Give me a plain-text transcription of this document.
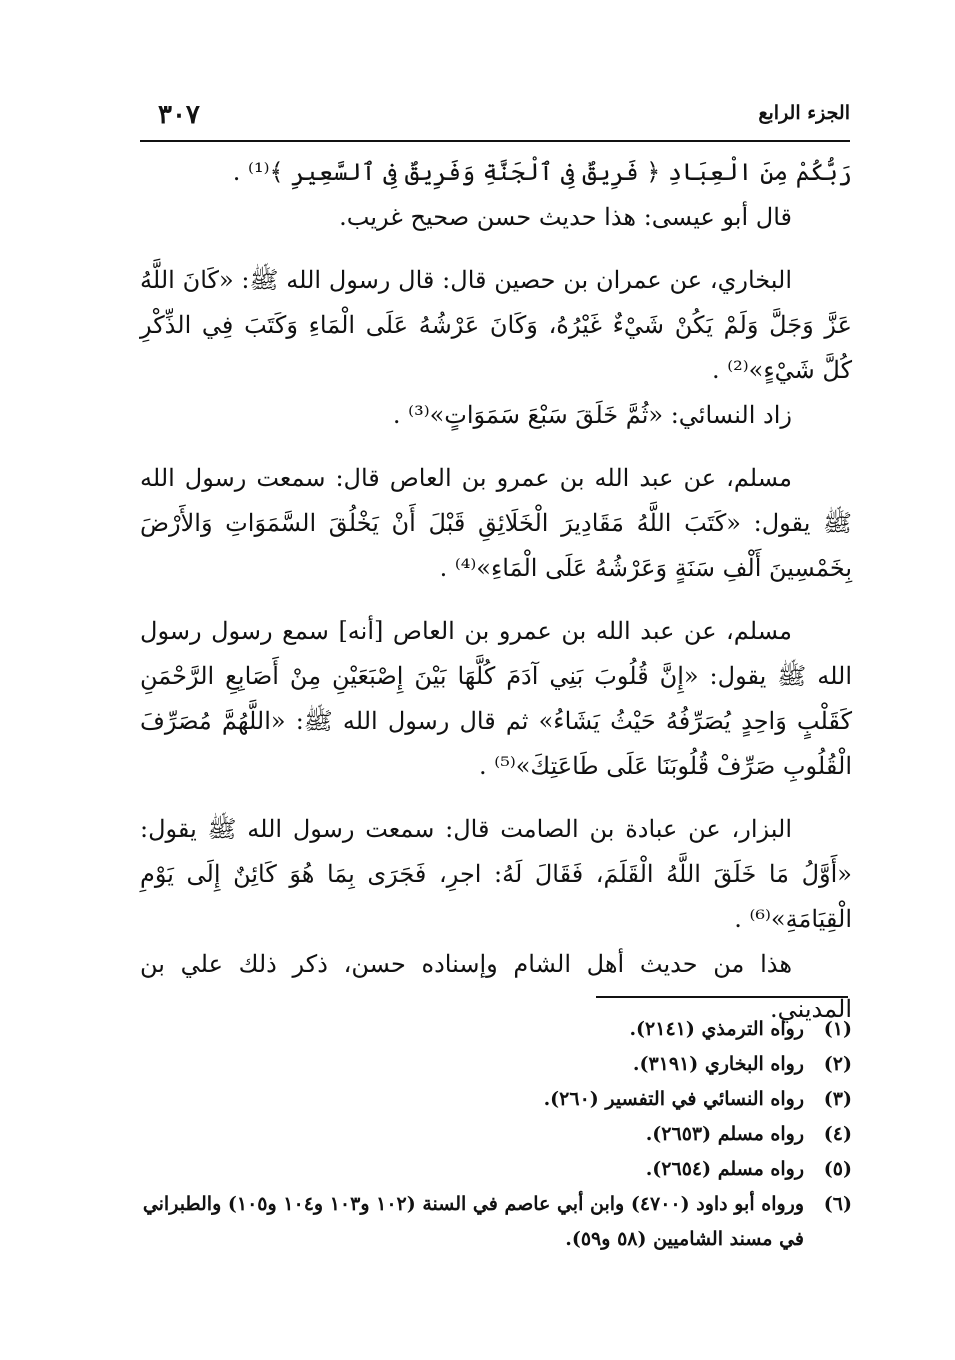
الجزء الرابع
٣٠٧

رَبُّكُمْ مِنَ الْعِبَادِ ﴿ فَرِيقٌ فِى ٱلْجَنَّةِ وَفَرِيقٌ فِى ٱلسَّعِيرِ ﴾⁽¹⁾ .

قال أبو عيسى: هذا حديث حسن صحيح غريب.

البخاري، عن عمران بن حصين قال: قال رسول الله ﷺ: «كَانَ اللَّهُ عَزَّ وَجَلَّ وَلَمْ يَكُنْ شَيْءٌ غَيْرُهُ، وَكَانَ عَرْشُهُ عَلَى الْمَاءِ وَكَتَبَ فِي الذِّكْرِ كُلَّ شَيْءٍ»⁽²⁾ .

زاد النسائي: «ثُمَّ خَلَقَ سَبْعَ سَمَوَاتٍ»⁽³⁾ .

مسلم، عن عبد الله بن عمرو بن العاص قال: سمعت رسول الله ﷺ يقول: «كَتَبَ اللَّهُ مَقَادِيرَ الْخَلَائِقِ قَبْلَ أَنْ يَخْلُقَ السَّمَوَاتِ وَالأَرْضَ بِخَمْسِينَ أَلْفِ سَنَةٍ وَعَرْشُهُ عَلَى الْمَاءِ»⁽⁴⁾ .

مسلم، عن عبد الله بن عمرو بن العاص [أنه] سمع رسول رسول الله ﷺ يقول: «إِنَّ قُلُوبَ بَنِي آدَمَ كُلَّهَا بَيْنَ إِصْبَعَيْنِ مِنْ أَصَابِعِ الرَّحْمَنِ كَقَلْبٍ وَاحِدٍ يُصَرِّفُهُ حَيْثُ يَشَاءُ» ثم قال رسول الله ﷺ: «اللَّهُمَّ مُصَرِّفَ الْقُلُوبِ صَرِّفْ قُلُوبَنَا عَلَى طَاعَتِكَ»⁽⁵⁾ .

البزار، عن عبادة بن الصامت قال: سمعت رسول الله ﷺ يقول: «أَوَّلُ مَا خَلَقَ اللَّهُ الْقَلَمَ، فَقَالَ لَهُ: اجرِ، فَجَرَى بِمَا هُوَ كَائِنٌ إِلَى يَوْمِ الْقِيَامَةِ»⁽⁶⁾ .

هذا من حديث أهل الشام وإسناده حسن، ذكر ذلك علي بن المديني.

(١)
رواه الترمذي (٢١٤١).

(٢)
رواه البخاري (٣١٩١).

(٣)
رواه النسائي في التفسير (٢٦٠).

(٤)
رواه مسلم (٢٦٥٣).

(٥)
رواه مسلم (٢٦٥٤).

(٦)
ورواه أبو داود (٤٧٠٠) وابن أبي عاصم في السنة (١٠٢ و١٠٣ و١٠٤ و١٠٥) والطبراني في مسند الشاميين (٥٨ و٥٩).
